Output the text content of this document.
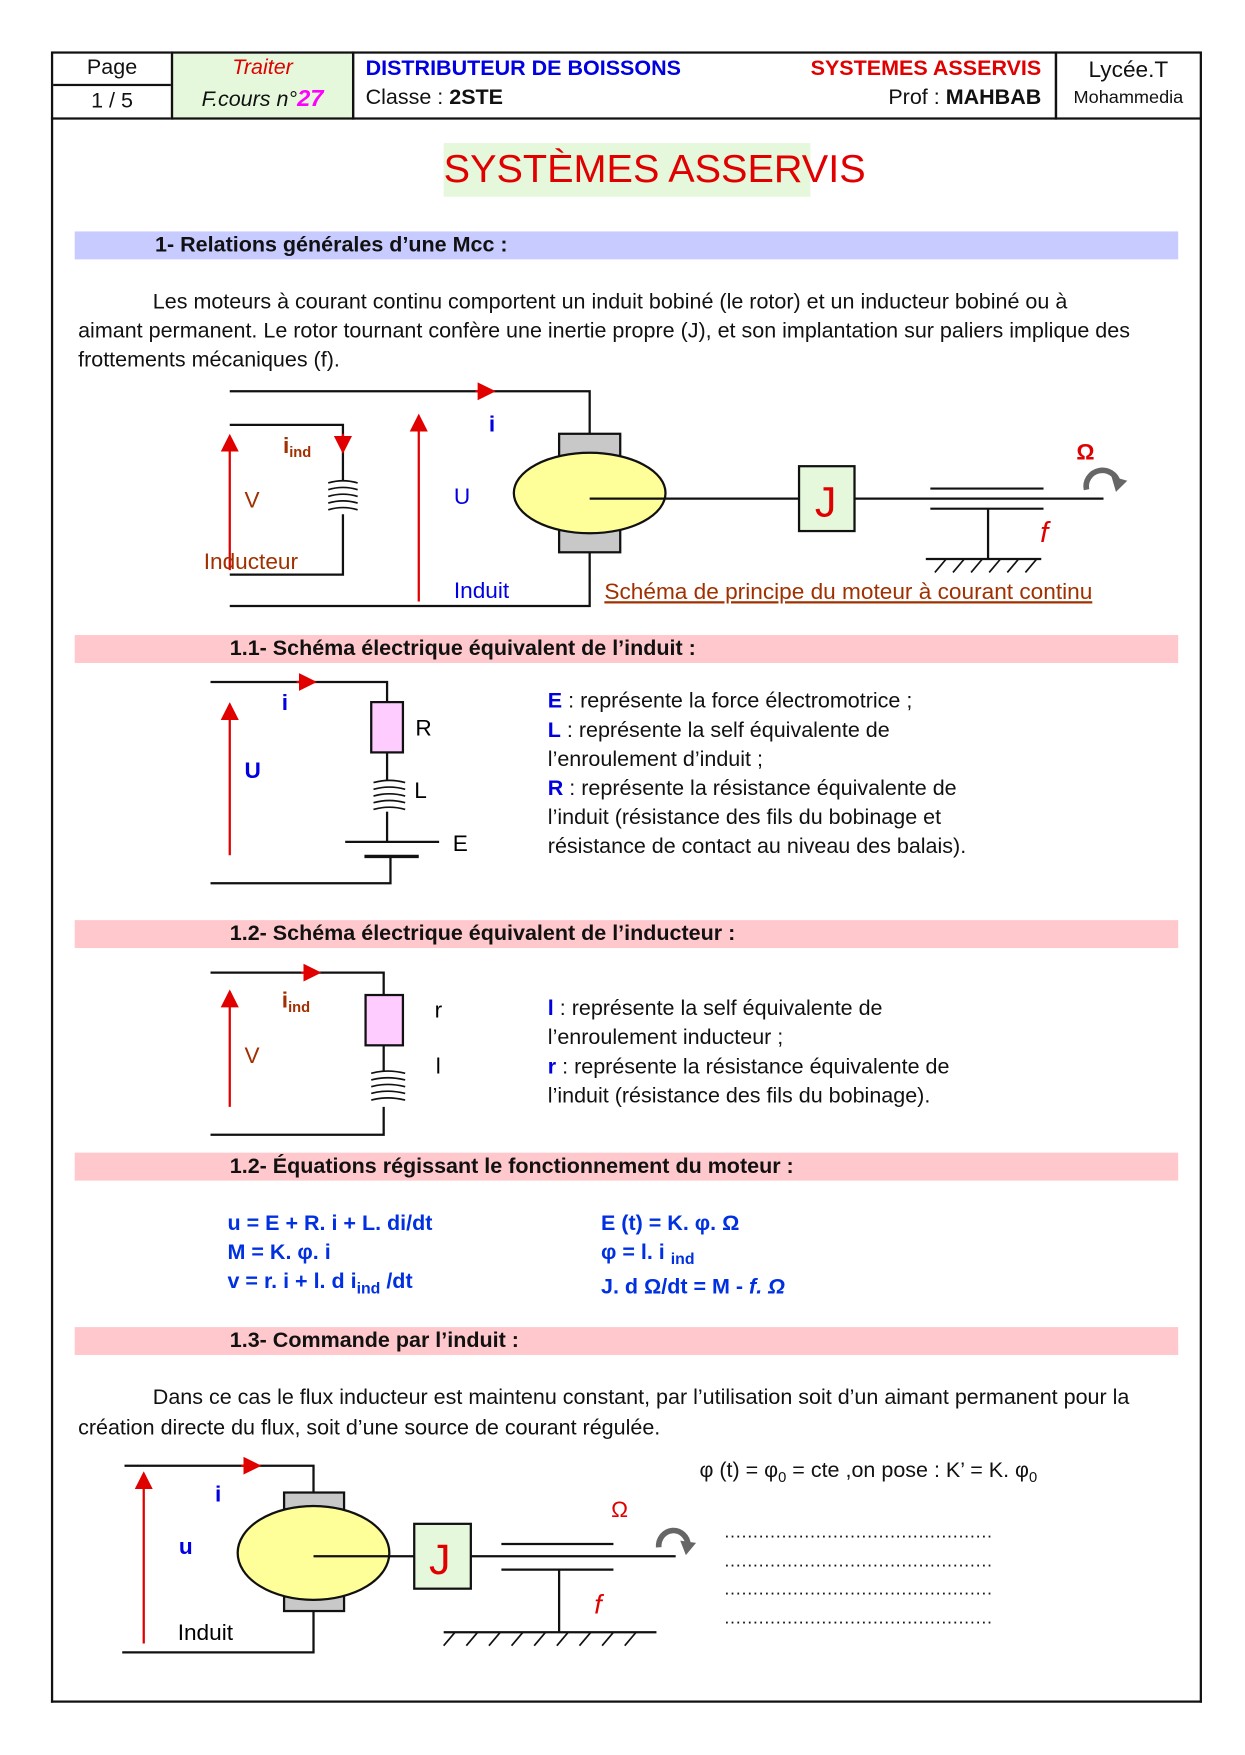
Page
1 / 5
Traiter
F.cours n°27
DISTRIBUTEUR DE BOISSONS
Classe : 2STE
SYSTEMES ASSERVIS
Prof : MAHBAB
Lycée.T
Mohammedia
SYSTÈMES ASSERVIS
1- Relations générales d’une Mcc :

Les moteurs à courant continu comportent un induit bobiné (le rotor) et un inducteur bobiné ou à aimant permanent. Le rotor tournant confère une inertie propre (J), et son implantation sur paliers implique des frottements mécaniques (f).

1.1- Schéma électrique équivalent de l’induit :
E : représente la force électromotrice ;
L : représente la self équivalente de
l’enroulement d’induit ;
R : représente la résistance équivalente de
l’induit (résistance des fils du bobinage et
résistance de contact au niveau des balais).
1.2- Schéma électrique équivalent de l’inducteur :
l : représente la self équivalente de
l’enroulement inducteur ;
r : représente la résistance équivalente de
l’induit (résistance des fils du bobinage).
1.2- Équations régissant le fonctionnement du moteur :
u = E + R. i + L. di/dt
M = K. φ. i
v = r. i + l. d $i_{ind}$ /dt
E (t) = K. φ. Ω
φ = l. i $_{ind}$
J. d Ω/dt = M - f. Ω
1.3- Commande par l’induit :

Dans ce cas le flux inducteur est maintenu constant, par l’utilisation soit d’un aimant permanent pour la création directe du flux, soit d’une source de courant régulée.

φ $(t) = \varphi_0$ = cte ,on pose : K’ = K. $\varphi_0$
...............................................
...............................................
...............................................
...............................................
i
$i_{ind}$
V	U
Inducteur
Induit
J
Ω
f
Schéma de principe du moteur à courant continu
i
U
R
L
E
$i_{ind}$
V
r
l
i
u
Induit
J
Ω
f
